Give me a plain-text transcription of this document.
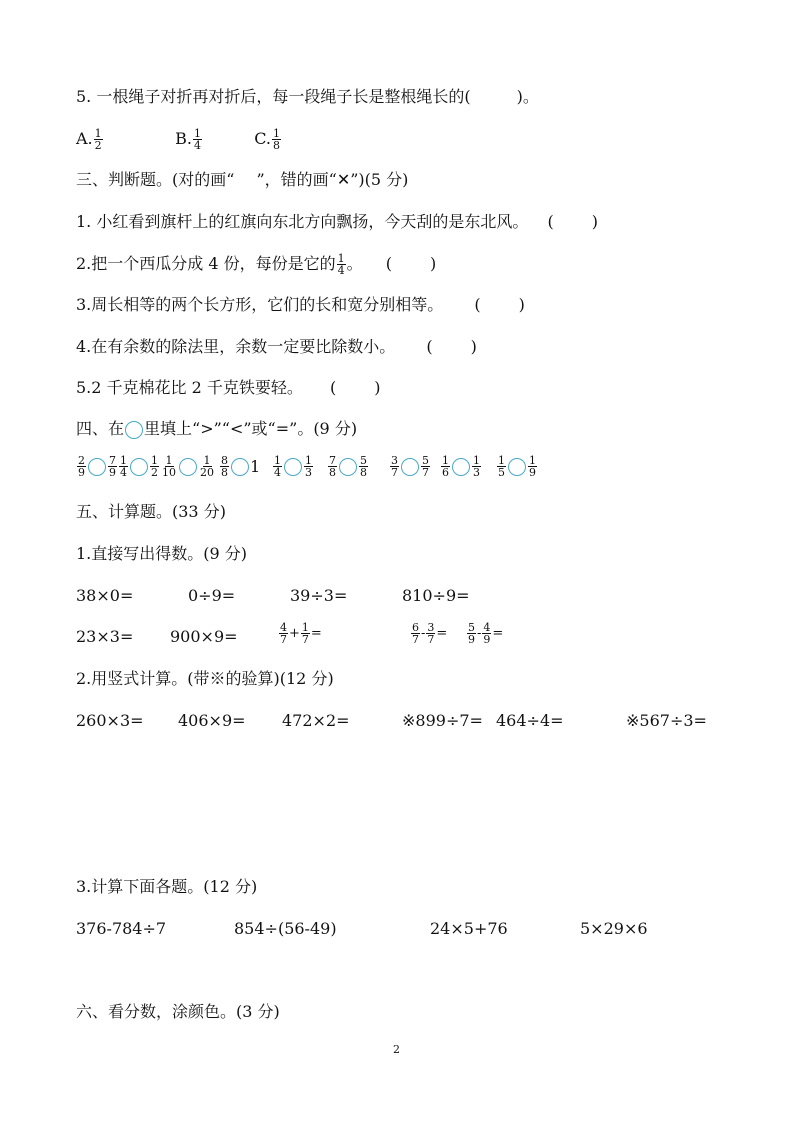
5. 一根绳子对折再对折后，每一段绳子长是整根绳长的(	)。
A. $\frac{1}{2}$	B. $\frac{1}{4}$	C. $\frac{1}{8}$
三、判断题。(对的画“ ”，错的画“✕”)(5 分)
1. 小红看到旗杆上的红旗向东北方向飘扬，今天刮的是东北风。 ( )
2.把一个西瓜分成 4 份，每份是它的 $\frac{1}{4}$ 。 ( )
3.周长相等的两个长方形，它们的长和宽分别相等。 ( )
4.在有余数的除法里，余数一定要比除数小。 ( )
5.2 千克棉花比 2 千克铁要轻。 ( )
四、在 里填上“>”“<”或“=”。(9 分)
$\frac{2}{9} \frac{7}{9} \frac{1}{4} \frac{1}{2} \frac{1}{10} \frac{1}{20} \frac{8}{8} 1 \frac{1}{4} \frac{1}{3} \frac{7}{8} \frac{5}{8} \frac{3}{7} \frac{5}{7} \frac{1}{6} \frac{1}{3} \frac{1}{5} \frac{1}{9}$
五、计算题。(33 分)
1.直接写出得数。(9 分)
38×0=	0÷9=	39÷3=	810÷9=
23×3= 900×9=	$\frac{4}{7} + \frac{1}{7}$ =	$\frac{6}{7} - \frac{3}{7} = \frac{5}{9} - \frac{4}{9}$ =
2.用竖式计算。(带※的验算)(12 分)
260×3= 406×9= 472×2=	※899÷7= 464÷4=	※567÷3=
3.计算下面各题。(12 分)
376-784÷7	854÷(56-49)	24×5+76	5×29×6
六、看分数，涂颜色。(3 分)
2
